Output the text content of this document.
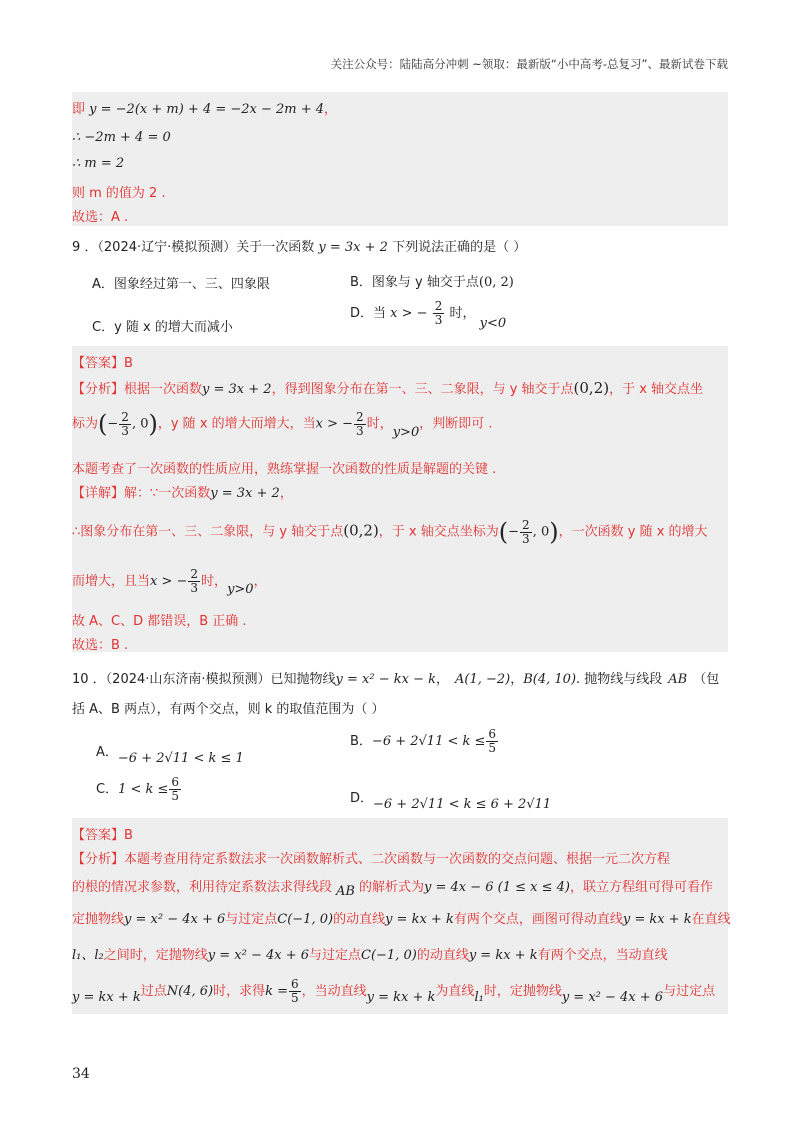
关注公众号：陆陆高分冲刺 ~领取：最新版“小中高考-总复习”、最新试卷下载
即 y = −2(x + m) + 4 = −2x − 2m + 4，
∴ −2m + 4 = 0
∴ m = 2
则 m 的值为 2 .
故选：A .
9 ．（2024·辽宁·模拟预测）关于一次函数 y = 3x + 2 下列说法正确的是（ ）
A．图象经过第一、三、四象限	B．图象与 y 轴交于点(0, 2)
C．y 随 x 的增大而减小
D．当 x > − $\frac{2}{3}$ 时， y<0
【答案】B
【分析】根据一次函数y = 3x + 2，得到图象分布在第一、三、二象限，与 y 轴交于点(0,2)，于 x 轴交点坐
标为(− $\frac{2}{3}$ , 0)，y 随 x 的增大而增大，当x > − $\frac{2}{3}$ 时，y>0，判断即可 .
本题考查了一次函数的性质应用，熟练掌握一次函数的性质是解题的关键 .
【详解】解：∵一次函数y = 3x + 2，
∴图象分布在第一、三、二象限，与 y 轴交于点(0,2)，于 x 轴交点坐标为(− $\frac{2}{3}$ , 0)，一次函数 y 随 x 的增大
而增大，且当x > − $\frac{2}{3}$ 时，y>0，
故 A、C、D 都错误，B 正确 .
故选：B .
10 ．（2024·山东济南·模拟预测）已知抛物线y = x² − kx − k， A(1, −2)，B(4, 10). 抛物线与线段 AB （包
括 A、B 两点），有两个交点，则 k 的取值范围为（ ）
A．−6 + 2√11 < k ≤ 1
B．$-6 + 2√11 < k \le \frac{6}{5}$
C．$1 < k \le \frac{6}{5}$	D．−6 + 2√11 < k ≤ 6 + 2√11
【答案】B
【分析】本题考查用待定系数法求一次函数解析式、二次函数与一次函数的交点问题、根据一元二次方程
的根的情况求参数，利用待定系数法求得线段 AB 的解析式为y = 4x − 6 (1 ≤ x ≤ 4)，联立方程组可得可看作
定抛物线y = x² − 4x + 6与过定点C(−1, 0)的动直线y = kx + k有两个交点，画图可得动直线y = kx + k在直线
l₁、l₂之间时，定抛物线y = x² − 4x + 6与过定点C(−1, 0)的动直线y = kx + k有两个交点，当动直线
y = kx + k过点N(4, 6)时，求得$k = \frac{6}{5}$ ，当动直线y = kx + k为直线l₁时，定抛物线y = x² − 4x + 6与过定点
34
